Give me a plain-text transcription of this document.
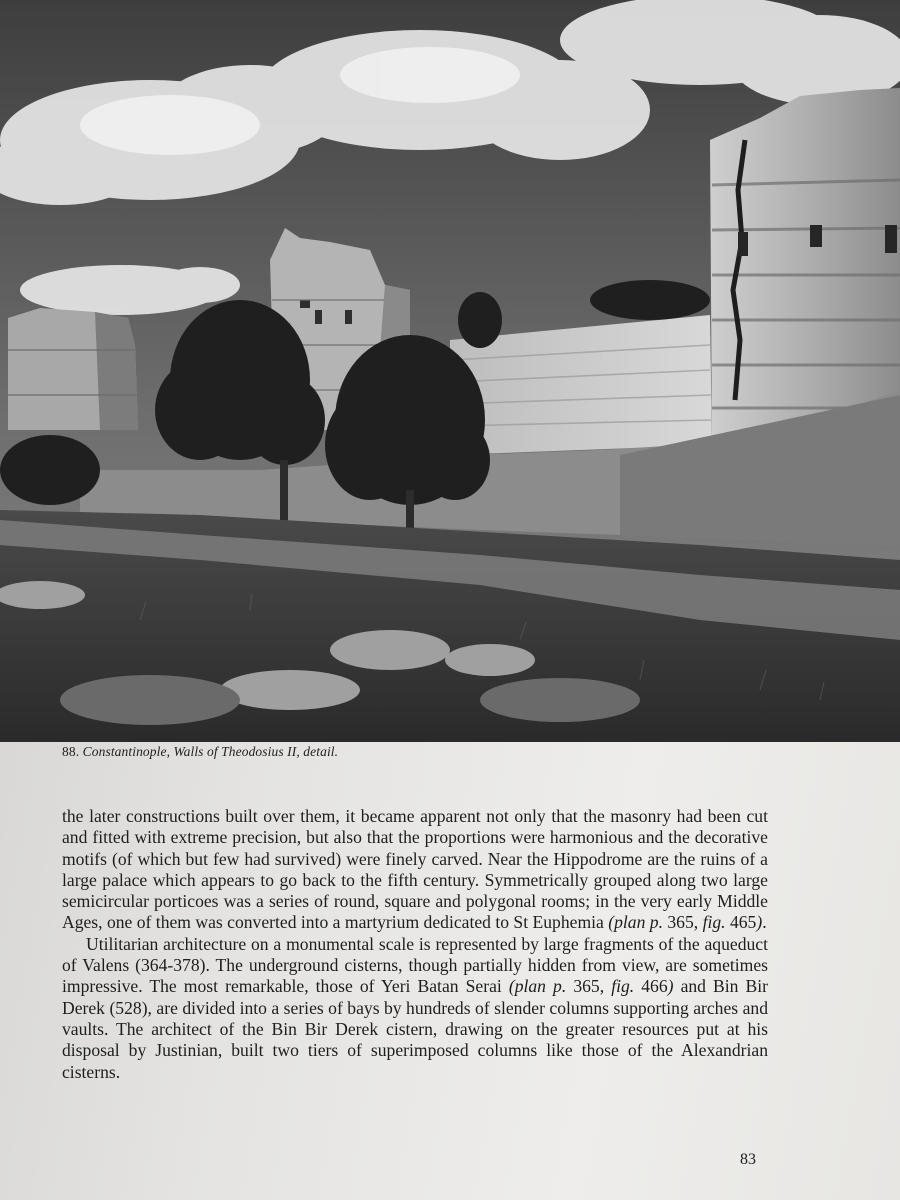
88. Constantinople, Walls of Theodosius II, detail.

the later constructions built over them, it became apparent not only that the masonry had been cut and fitted with extreme precision, but also that the proportions were harmonious and the decorative motifs (of which but few had survived) were finely carved. Near the Hippodrome are the ruins of a large palace which appears to go back to the fifth century. Symmetrically grouped along two large semicircular porticoes was a series of round, square and polygonal rooms; in the very early Middle Ages, one of them was converted into a martyrium dedicated to St Euphemia (plan p. 365, fig. 465).

Utilitarian architecture on a monumental scale is represented by large fragments of the aqueduct of Valens (364-378). The underground cisterns, though partially hidden from view, are sometimes impressive. The most remarkable, those of Yeri Batan Serai (plan p. 365, fig. 466) and Bin Bir Derek (528), are divided into a series of bays by hundreds of slender columns supporting arches and vaults. The architect of the Bin Bir Derek cistern, drawing on the greater resources put at his disposal by Justinian, built two tiers of superimposed columns like those of the Alexandrian cisterns.

83
